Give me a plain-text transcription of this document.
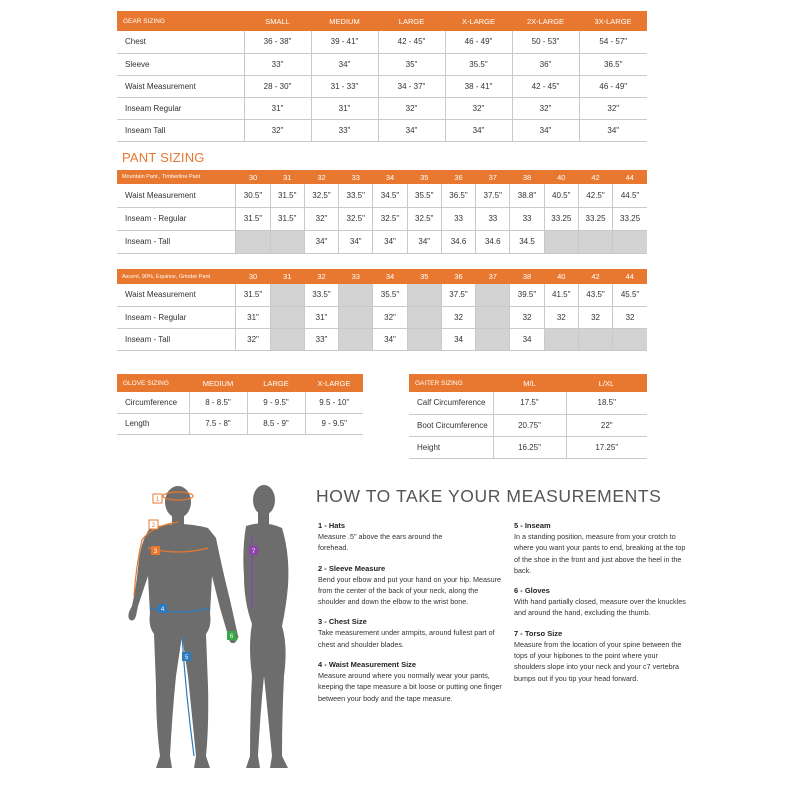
GEAR SIZING	SMALL	MEDIUM	LARGE	X-LARGE	2X-LARGE	3X-LARGE
Chest	36 - 38"	39 - 41"	42 - 45"	46 - 49"	50 - 53"	54 - 57"
Sleeve	33"	34"	35"	35.5"	36"	36.5"
Waist Measurement	28 - 30"	31 - 33"	34 - 37"	38 - 41"	42 - 45"	46 - 49"
Inseam Regular	31"	31"	32"	32"	32"	32"
Inseam Tall	32"	33"	34"	34"	34"	34"
PANT SIZING
Mountain Pant , Timberline Pant	30	31	32	33	34	35	36	37	38	40	42	44
Waist Measurement	30.5"	31.5"	32.5"	33.5"	34.5"	35.5"	36.5"	37.5"	38.8"	40.5"	42.5"	44.5"
Inseam - Regular	31.5"	31.5"	32"	32.5"	32.5"	32.5"	33	33	33	33.25	33.25	33.25
Inseam - Tall			34"	34"	34"	34"	34.6	34.6	34.5			
Ascent, 90%, Equinox, Grinder Pant	30	31	32	33	34	35	36	37	38	40	42	44
Waist Measurement	31.5"		33.5"		35.5"		37.5"		39.5"	41.5"	43.5"	45.5"
Inseam - Regular	31"		31"		32"		32		32	32	32	32
Inseam - Tall	32"		33"		34"		34		34			
GLOVE SIZING	MEDIUM	LARGE	X-LARGE
Circumference	8 - 8.5"	9 - 9.5"	9.5 - 10"
Length	7.5 - 8"	8.5 - 9"	9 - 9.5"
GAITER SIZING	M/L	L/XL
Calf Circumference	17.5"	18.5"
Boot Circumference	20.75"	22"
Height	16.25"	17.25"
1
2
3
4
5
6
7
HOW TO TAKE YOUR MEASUREMENTS
1 - Hats
Measure .5" above the ears around the forehead.
2 - Sleeve Measure
Bend your elbow and put your hand on your hip. Measure from the center of the back of your neck, along the shoulder and down the elbow to the wrist bone.
3 - Chest Size
Take measurement under armpits, around fullest part of chest and shoulder blades.
4 - Waist Measurement Size
Measure around where you normally wear your pants, keeping the tape measure a bit loose or putting one finger between your body and the tape measure.
5 - Inseam
In a standing position, measure from your crotch to where you want your pants to end, breaking at the top of the shoe in the front and just above the heel in the back.
6 - Gloves
With hand partially closed, measure over the knuckles and around the hand, excluding the thumb.
7 - Torso Size
Measure from the location of your spine between the tops of your hipbones to the point where your shoulders slope into your neck and your c7 vertebra bumps out if you tip your head forward.
